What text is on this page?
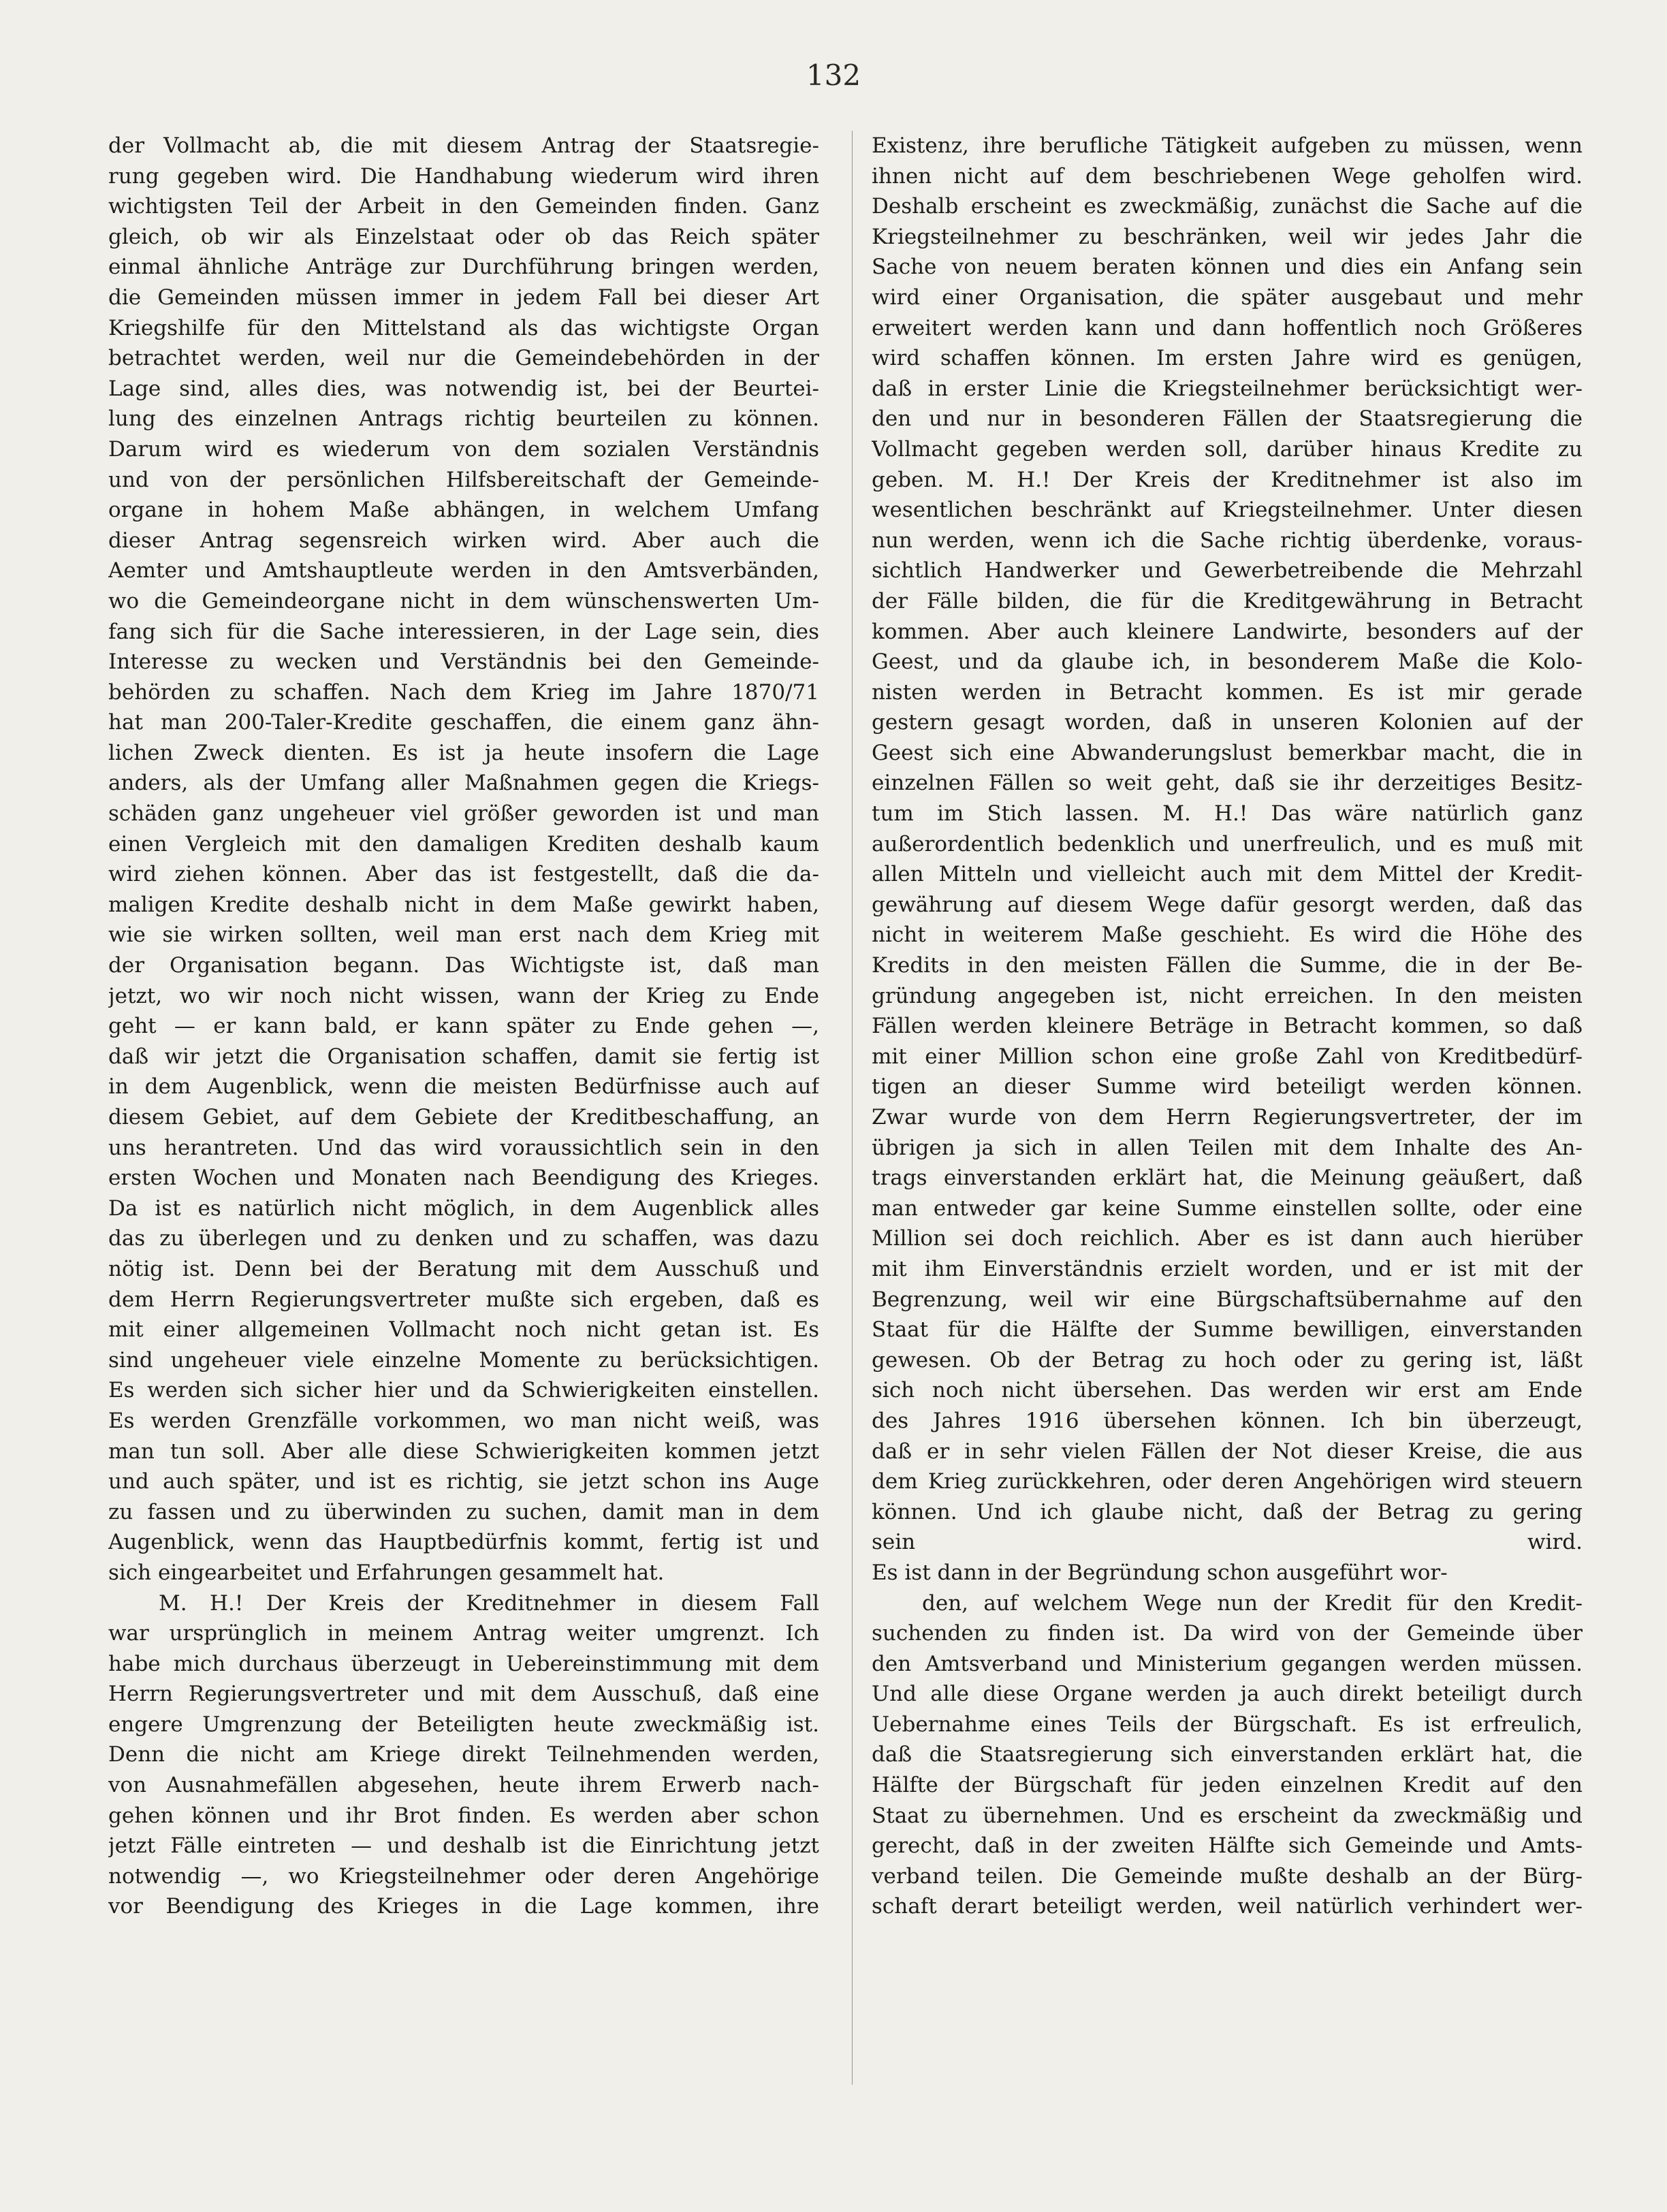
132
der Vollmacht ab, die mit diesem Antrag der Staatsregie-
rung gegeben wird. Die Handhabung wiederum wird ihren
wichtigsten Teil der Arbeit in den Gemeinden finden. Ganz
gleich, ob wir als Einzelstaat oder ob das Reich später
einmal ähnliche Anträge zur Durchführung bringen werden,
die Gemeinden müssen immer in jedem Fall bei dieser Art
Kriegshilfe für den Mittelstand als das wichtigste Organ
betrachtet werden, weil nur die Gemeindebehörden in der
Lage sind, alles dies, was notwendig ist, bei der Beurtei-
lung des einzelnen Antrags richtig beurteilen zu können.
Darum wird es wiederum von dem sozialen Verständnis
und von der persönlichen Hilfsbereitschaft der Gemeinde-
organe in hohem Maße abhängen, in welchem Umfang
dieser Antrag segensreich wirken wird. Aber auch die
Aemter und Amtshauptleute werden in den Amtsverbänden,
wo die Gemeindeorgane nicht in dem wünschenswerten Um-
fang sich für die Sache interessieren, in der Lage sein, dies
Interesse zu wecken und Verständnis bei den Gemeinde-
behörden zu schaffen. Nach dem Krieg im Jahre 1870/71
hat man 200-Taler-Kredite geschaffen, die einem ganz ähn-
lichen Zweck dienten. Es ist ja heute insofern die Lage
anders, als der Umfang aller Maßnahmen gegen die Kriegs-
schäden ganz ungeheuer viel größer geworden ist und man
einen Vergleich mit den damaligen Krediten deshalb kaum
wird ziehen können. Aber das ist festgestellt, daß die da-
maligen Kredite deshalb nicht in dem Maße gewirkt haben,
wie sie wirken sollten, weil man erst nach dem Krieg mit
der Organisation begann. Das Wichtigste ist, daß man
jetzt, wo wir noch nicht wissen, wann der Krieg zu Ende
geht — er kann bald, er kann später zu Ende gehen —,
daß wir jetzt die Organisation schaffen, damit sie fertig ist
in dem Augenblick, wenn die meisten Bedürfnisse auch auf
diesem Gebiet, auf dem Gebiete der Kreditbeschaffung, an
uns herantreten. Und das wird voraussichtlich sein in den
ersten Wochen und Monaten nach Beendigung des Krieges.
Da ist es natürlich nicht möglich, in dem Augenblick alles
das zu überlegen und zu denken und zu schaffen, was dazu
nötig ist. Denn bei der Beratung mit dem Ausschuß und
dem Herrn Regierungsvertreter mußte sich ergeben, daß es
mit einer allgemeinen Vollmacht noch nicht getan ist. Es
sind ungeheuer viele einzelne Momente zu berücksichtigen.
Es werden sich sicher hier und da Schwierigkeiten einstellen.
Es werden Grenzfälle vorkommen, wo man nicht weiß, was
man tun soll. Aber alle diese Schwierigkeiten kommen jetzt
und auch später, und ist es richtig, sie jetzt schon ins Auge
zu fassen und zu überwinden zu suchen, damit man in dem
Augenblick, wenn das Hauptbedürfnis kommt, fertig ist und
sich eingearbeitet und Erfahrungen gesammelt hat.
M. H.! Der Kreis der Kreditnehmer in diesem Fall
war ursprünglich in meinem Antrag weiter umgrenzt. Ich
habe mich durchaus überzeugt in Uebereinstimmung mit dem
Herrn Regierungsvertreter und mit dem Ausschuß, daß eine
engere Umgrenzung der Beteiligten heute zweckmäßig ist.
Denn die nicht am Kriege direkt Teilnehmenden werden,
von Ausnahmefällen abgesehen, heute ihrem Erwerb nach-
gehen können und ihr Brot finden. Es werden aber schon
jetzt Fälle eintreten — und deshalb ist die Einrichtung jetzt
notwendig —, wo Kriegsteilnehmer oder deren Angehörige
vor Beendigung des Krieges in die Lage kommen, ihre
Existenz, ihre berufliche Tätigkeit aufgeben zu müssen, wenn
ihnen nicht auf dem beschriebenen Wege geholfen wird.
Deshalb erscheint es zweckmäßig, zunächst die Sache auf die
Kriegsteilnehmer zu beschränken, weil wir jedes Jahr die
Sache von neuem beraten können und dies ein Anfang sein
wird einer Organisation, die später ausgebaut und mehr
erweitert werden kann und dann hoffentlich noch Größeres
wird schaffen können. Im ersten Jahre wird es genügen,
daß in erster Linie die Kriegsteilnehmer berücksichtigt wer-
den und nur in besonderen Fällen der Staatsregierung die
Vollmacht gegeben werden soll, darüber hinaus Kredite zu
geben. M. H.! Der Kreis der Kreditnehmer ist also im
wesentlichen beschränkt auf Kriegsteilnehmer. Unter diesen
nun werden, wenn ich die Sache richtig überdenke, voraus-
sichtlich Handwerker und Gewerbetreibende die Mehrzahl
der Fälle bilden, die für die Kreditgewährung in Betracht
kommen. Aber auch kleinere Landwirte, besonders auf der
Geest, und da glaube ich, in besonderem Maße die Kolo-
nisten werden in Betracht kommen. Es ist mir gerade
gestern gesagt worden, daß in unseren Kolonien auf der
Geest sich eine Abwanderungslust bemerkbar macht, die in
einzelnen Fällen so weit geht, daß sie ihr derzeitiges Besitz-
tum im Stich lassen. M. H.! Das wäre natürlich ganz
außerordentlich bedenklich und unerfreulich, und es muß mit
allen Mitteln und vielleicht auch mit dem Mittel der Kredit-
gewährung auf diesem Wege dafür gesorgt werden, daß das
nicht in weiterem Maße geschieht. Es wird die Höhe des
Kredits in den meisten Fällen die Summe, die in der Be-
gründung angegeben ist, nicht erreichen. In den meisten
Fällen werden kleinere Beträge in Betracht kommen, so daß
mit einer Million schon eine große Zahl von Kreditbedürf-
tigen an dieser Summe wird beteiligt werden können.
Zwar wurde von dem Herrn Regierungsvertreter, der im
übrigen ja sich in allen Teilen mit dem Inhalte des An-
trags einverstanden erklärt hat, die Meinung geäußert, daß
man entweder gar keine Summe einstellen sollte, oder eine
Million sei doch reichlich. Aber es ist dann auch hierüber
mit ihm Einverständnis erzielt worden, und er ist mit der
Begrenzung, weil wir eine Bürgschaftsübernahme auf den
Staat für die Hälfte der Summe bewilligen, einverstanden
gewesen. Ob der Betrag zu hoch oder zu gering ist, läßt
sich noch nicht übersehen. Das werden wir erst am Ende
des Jahres 1916 übersehen können. Ich bin überzeugt,
daß er in sehr vielen Fällen der Not dieser Kreise, die aus
dem Krieg zurückkehren, oder deren Angehörigen wird steuern
können. Und ich glaube nicht, daß der Betrag zu gering
sein wird.
Es ist dann in der Begründung schon ausgeführt wor-
den, auf welchem Wege nun der Kredit für den Kredit-
suchenden zu finden ist. Da wird von der Gemeinde über
den Amtsverband und Ministerium gegangen werden müssen.
Und alle diese Organe werden ja auch direkt beteiligt durch
Uebernahme eines Teils der Bürgschaft. Es ist erfreulich,
daß die Staatsregierung sich einverstanden erklärt hat, die
Hälfte der Bürgschaft für jeden einzelnen Kredit auf den
Staat zu übernehmen. Und es erscheint da zweckmäßig und
gerecht, daß in der zweiten Hälfte sich Gemeinde und Amts-
verband teilen. Die Gemeinde mußte deshalb an der Bürg-
schaft derart beteiligt werden, weil natürlich verhindert wer-
